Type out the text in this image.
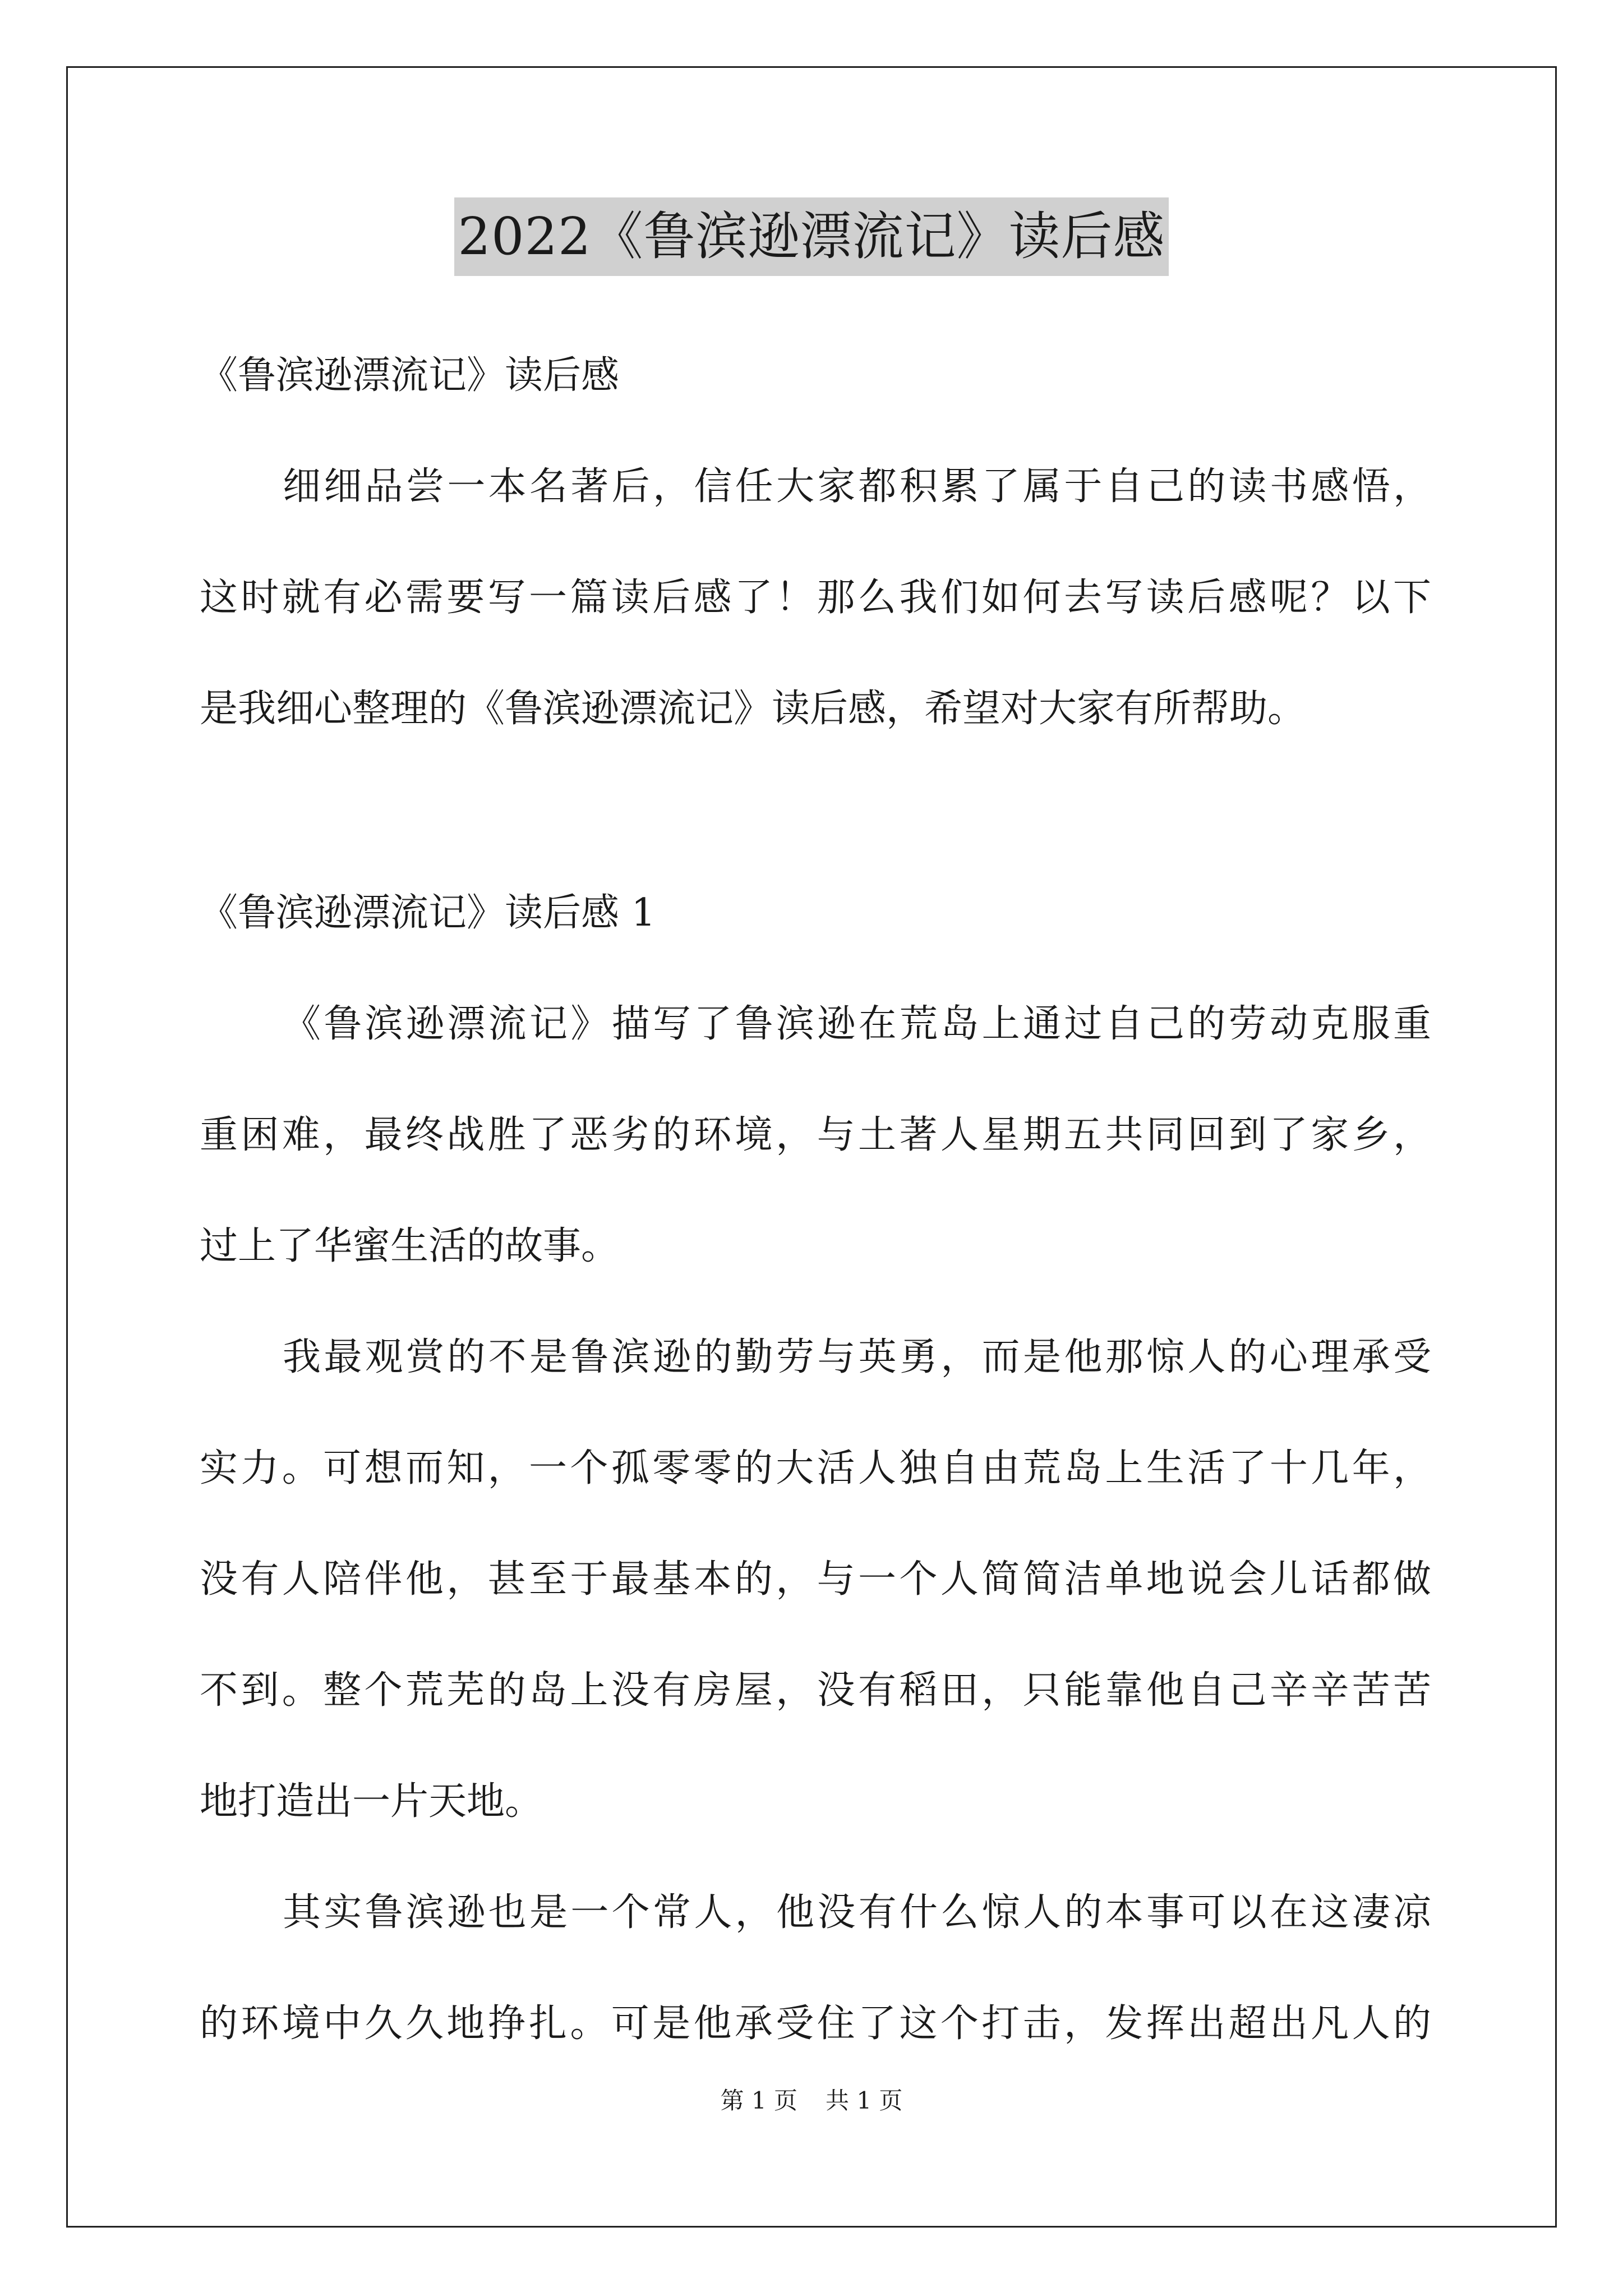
2022《鲁滨逊漂流记》读后感
《鲁滨逊漂流记》读后感
细细品尝一本名著后，信任大家都积累了属于自己的读书感悟，
这时就有必需要写一篇读后感了！那么我们如何去写读后感呢？以下
是我细心整理的《鲁滨逊漂流记》读后感，希望对大家有所帮助。
《鲁滨逊漂流记》读后感 1
《鲁滨逊漂流记》描写了鲁滨逊在荒岛上通过自己的劳动克服重
重困难，最终战胜了恶劣的环境，与土著人星期五共同回到了家乡，
过上了华蜜生活的故事。
我最观赏的不是鲁滨逊的勤劳与英勇，而是他那惊人的心理承受
实力。可想而知，一个孤零零的大活人独自由荒岛上生活了十几年，
没有人陪伴他，甚至于最基本的，与一个人简简洁单地说会儿话都做
不到。整个荒芜的岛上没有房屋，没有稻田，只能靠他自己辛辛苦苦
地打造出一片天地。
其实鲁滨逊也是一个常人，他没有什么惊人的本事可以在这凄凉
的环境中久久地挣扎。可是他承受住了这个打击，发挥出超出凡人的
第 1 页 共 1 页
